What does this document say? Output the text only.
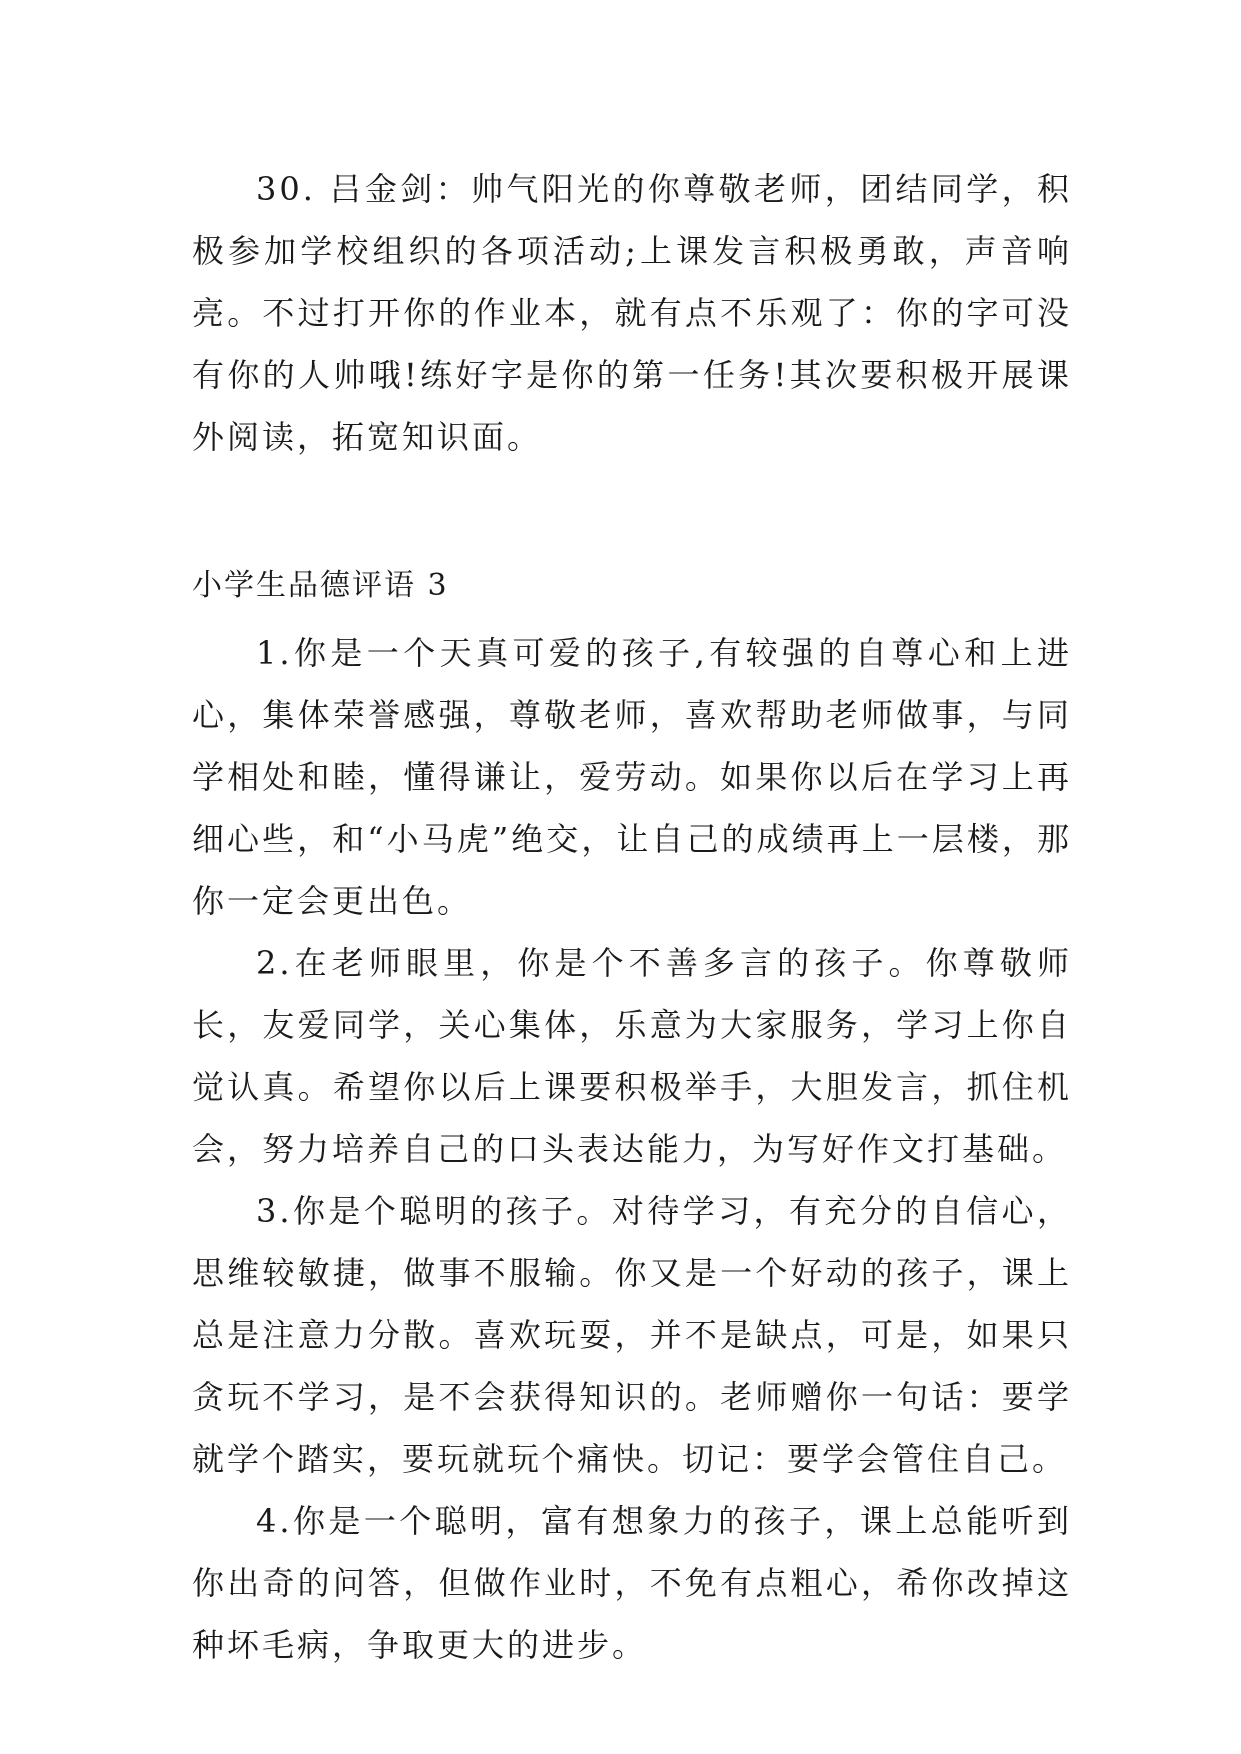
30. 吕金剑：帅气阳光的你尊敬老师，团结同学，积极参加学校组织的各项活动;上课发言积极勇敢，声音响亮。不过打开你的作业本，就有点不乐观了：你的字可没有你的人帅哦!练好字是你的第一任务!其次要积极开展课外阅读，拓宽知识面。

小学生品德评语 3

1.你是一个天真可爱的孩子,有较强的自尊心和上进心，集体荣誉感强，尊敬老师，喜欢帮助老师做事，与同学相处和睦，懂得谦让，爱劳动。如果你以后在学习上再细心些，和“小马虎”绝交，让自己的成绩再上一层楼，那你一定会更出色。

2.在老师眼里，你是个不善多言的孩子。你尊敬师长，友爱同学，关心集体，乐意为大家服务，学习上你自觉认真。希望你以后上课要积极举手，大胆发言，抓住机会，努力培养自己的口头表达能力，为写好作文打基础。

3.你是个聪明的孩子。对待学习，有充分的自信心，思维较敏捷，做事不服输。你又是一个好动的孩子，课上总是注意力分散。喜欢玩耍，并不是缺点，可是，如果只贪玩不学习，是不会获得知识的。老师赠你一句话：要学就学个踏实，要玩就玩个痛快。切记：要学会管住自己。

4.你是一个聪明，富有想象力的孩子，课上总能听到你出奇的问答，但做作业时，不免有点粗心，希你改掉这种坏毛病，争取更大的进步。
